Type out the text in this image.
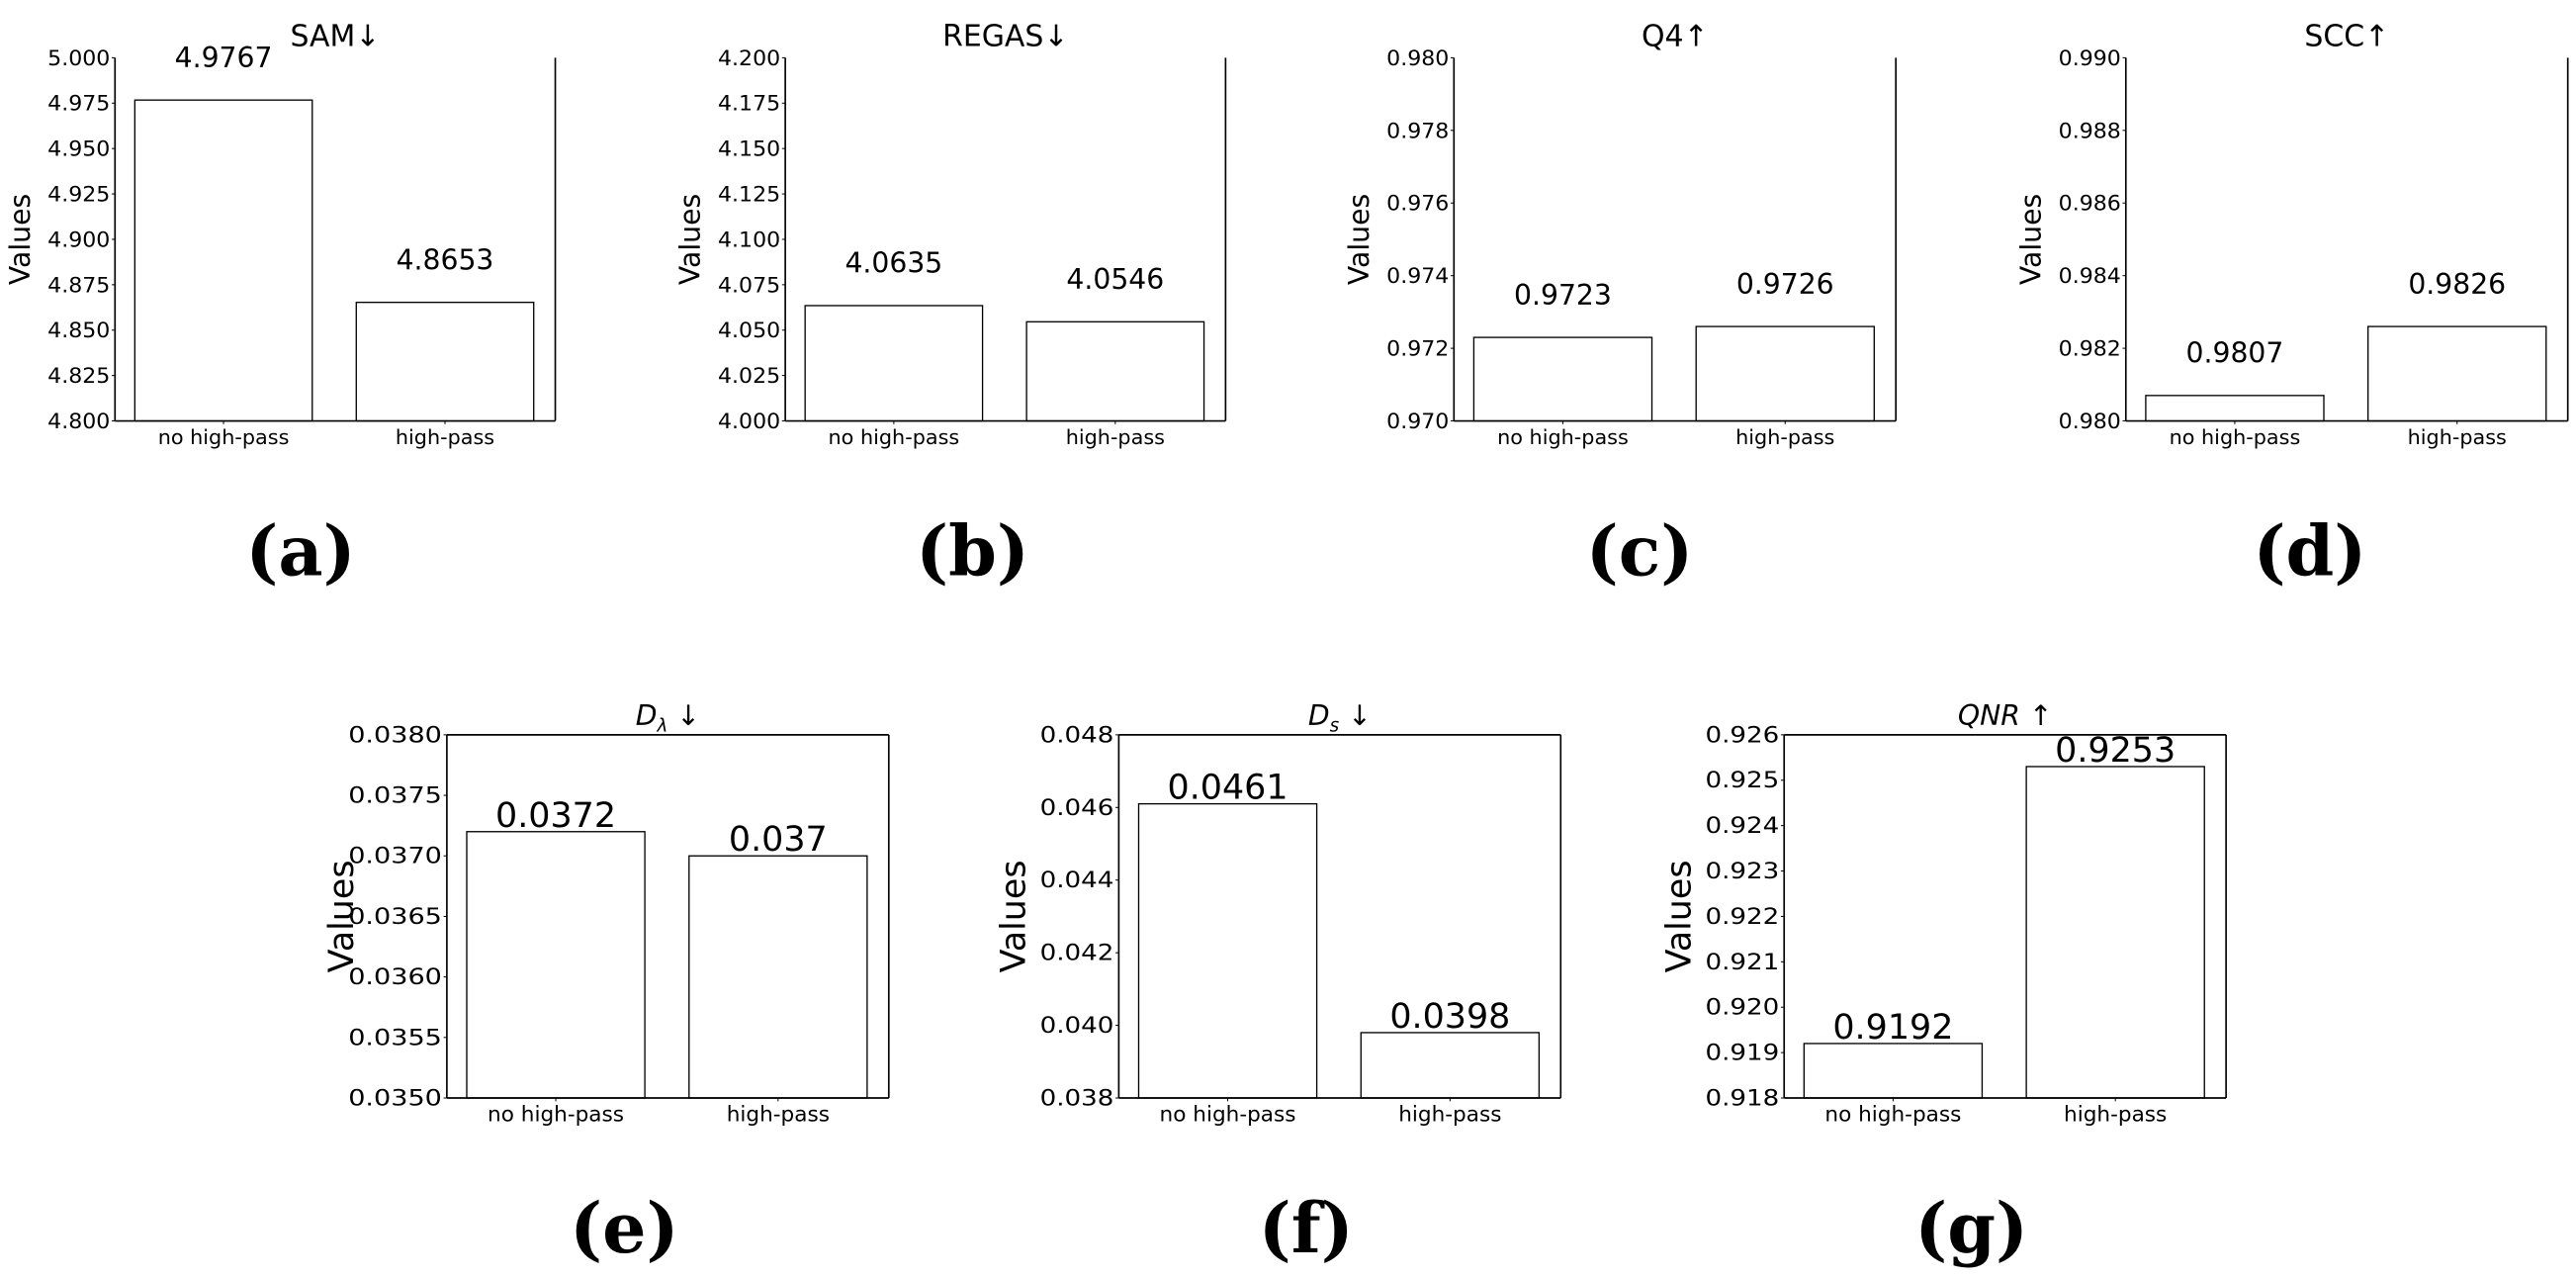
4.9767
no high-pass
4.8653
high-pass
4.800
4.825
4.850
4.875
4.900
4.925
4.950
4.975
5.000
Values
SAM↓
(a)
4.0635
no high-pass
4.0546
high-pass
4.000
4.025
4.050
4.075
4.100
4.125
4.150
4.175
4.200
Values
REGAS↓
(b)
0.9723
no high-pass
0.9726
high-pass
0.970
0.972
0.974
0.976
0.978
0.980
Values
Q4↑
(c)
0.9807
no high-pass
0.9826
high-pass
0.980
0.982
0.984
0.986
0.988
0.990
Values
SCC↑
(d)
0.0372
no high-pass
0.037
high-pass
0.0350
0.0355
0.0360
0.0365
0.0370
0.0375
0.0380
Values
$D_\lambda$ ↓
(e)
0.0461
no high-pass
0.0398
high-pass
0.038
0.040
0.042
0.044
0.046
0.048
Values
$D_s$ ↓
(f)
0.9192
no high-pass
0.9253
high-pass
0.918
0.919
0.920
0.921
0.922
0.923
0.924
0.925
0.926
Values
QNR ↑
(g)
